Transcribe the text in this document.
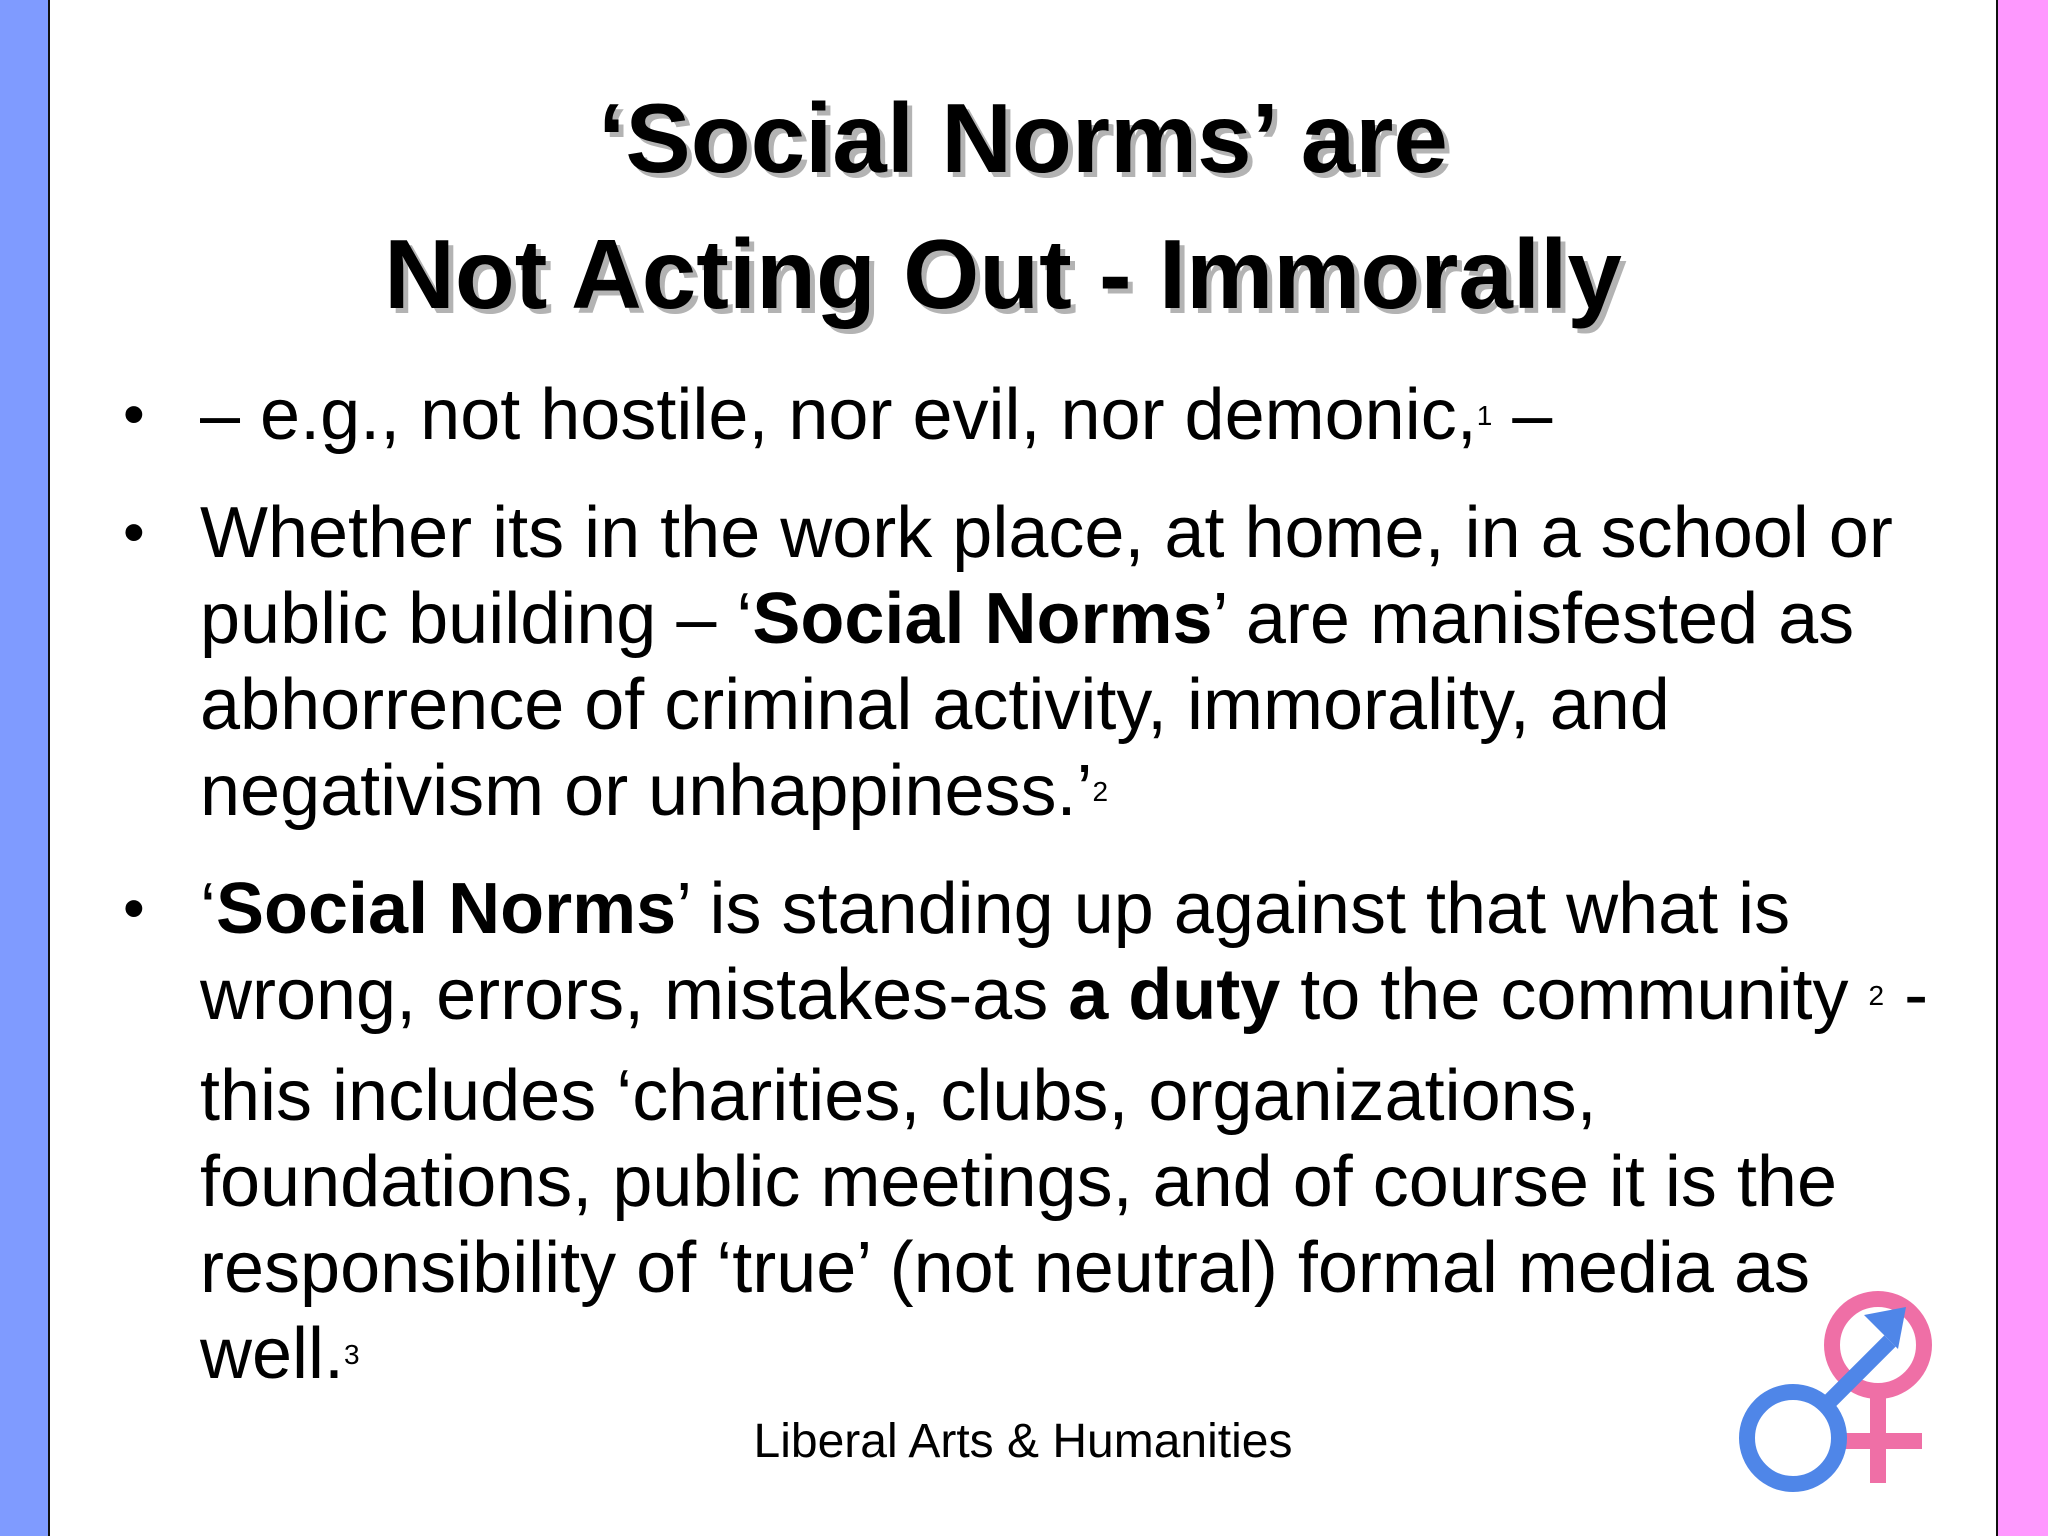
‘Social Norms’ are
Not Acting Out - Immorally
• – e.g., not hostile, nor evil, nor demonic,1 –
• Whether its in the work place, at home, in a school or public building – ‘Social Norms’ are manisfested as abhorrence of criminal activity, immorality, and negativism or unhappiness.’2
• ‘Social Norms’ is standing up against that what is wrong, errors, mistakes-as a duty to the community 2 - this includes ‘charities, clubs, organizations, foundations, public meetings, and of course it is the responsibility of ‘true’ (not neutral) formal media as well.3
Liberal Arts & Humanities
